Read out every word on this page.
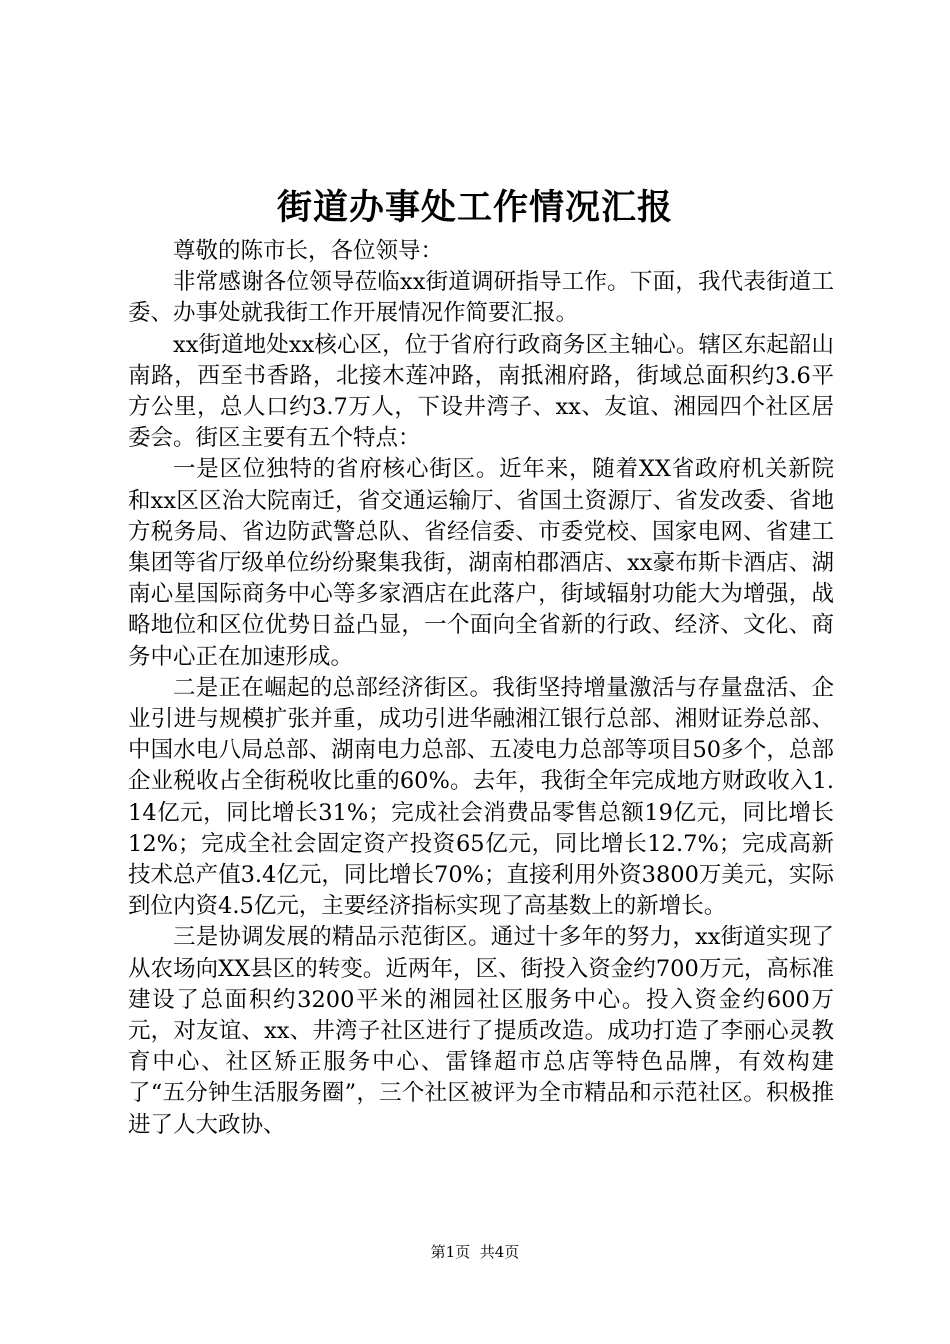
街道办事处工作情况汇报

尊敬的陈市长，各位领导：

非常感谢各位领导莅临xx街道调研指导工作。下面，我代表街道工委、办事处就我街工作开展情况作简要汇报。

xx街道地处xx核心区，位于省府行政商务区主轴心。辖区东起韶山南路，西至书香路，北接木莲冲路，南抵湘府路，街域总面积约3.6平方公里，总人口约3.7万人，下设井湾子、xx、友谊、湘园四个社区居委会。街区主要有五个特点：

一是区位独特的省府核心街区。近年来，随着XX省政府机关新院和xx区区治大院南迁，省交通运输厅、省国土资源厅、省发改委、省地方税务局、省边防武警总队、省经信委、市委党校、国家电网、省建工集团等省厅级单位纷纷聚集我街，湖南柏郡酒店、xx豪布斯卡酒店、湖南心星国际商务中心等多家酒店在此落户，街域辐射功能大为增强，战略地位和区位优势日益凸显，一个面向全省新的行政、经济、文化、商务中心正在加速形成。

二是正在崛起的总部经济街区。我街坚持增量激活与存量盘活、企业引进与规模扩张并重，成功引进华融湘江银行总部、湘财证券总部、中国水电八局总部、湖南电力总部、五凌电力总部等项目50多个，总部企业税收占全街税收比重的60%。去年，我街全年完成地方财政收入1.14亿元，同比增长31%；完成社会消费品零售总额19亿元，同比增长12%；完成全社会固定资产投资65亿元，同比增长12.7%；完成高新技术总产值3.4亿元，同比增长70%；直接利用外资3800万美元，实际到位内资4.5亿元，主要经济指标实现了高基数上的新增长。

三是协调发展的精品示范街区。通过十多年的努力，xx街道实现了从农场向XX县区的转变。近两年，区、街投入资金约700万元，高标准建设了总面积约3200平米的湘园社区服务中心。投入资金约600万元，对友谊、xx、井湾子社区进行了提质改造。成功打造了李丽心灵教育中心、社区矫正服务中心、雷锋超市总店等特色品牌，有效构建了“五分钟生活服务圈”，三个社区被评为全市精品和示范社区。积极推进了人大政协、

第1页 共4页
